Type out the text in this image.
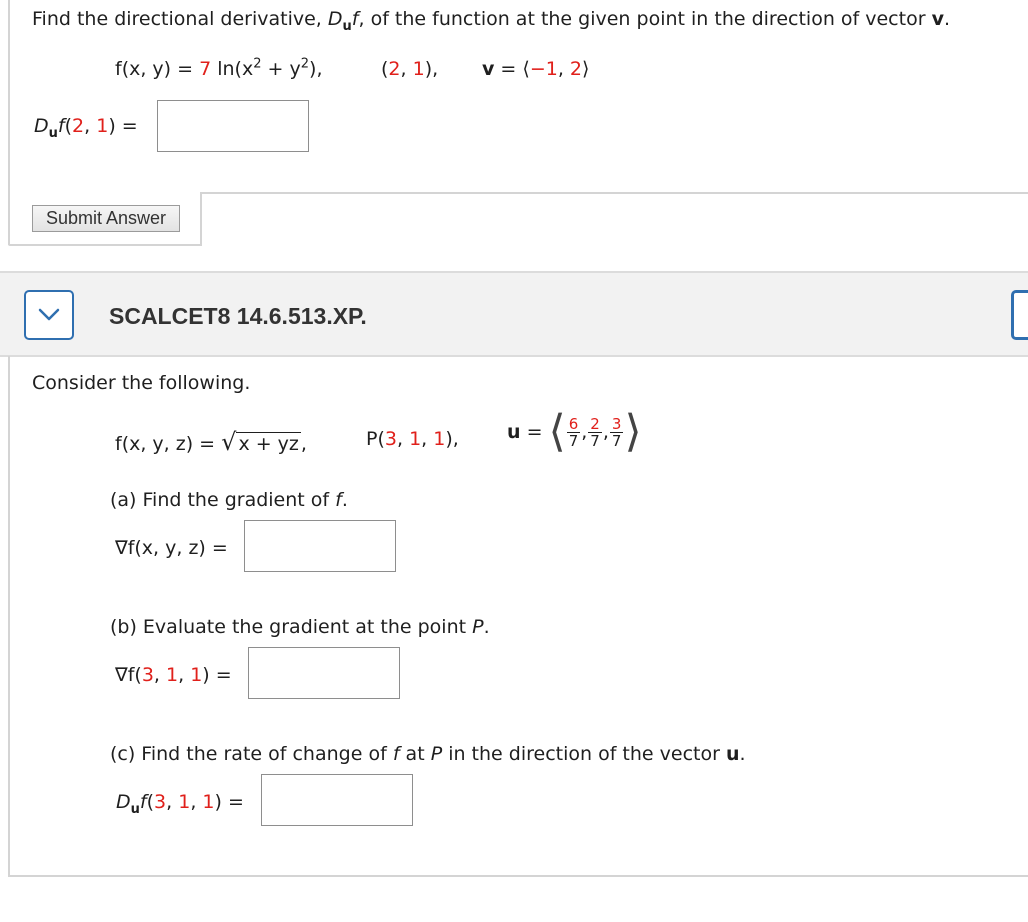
Find the directional derivative, $D_uf$, of the function at the given point in the direction of vector v.
f(x, y) = 7 $\ln(x^2 + y^2)$,	(2, 1), v = ⟨−1, 2⟩
$D_uf(2$, 1) =
Submit Answer
SCALCET8 14.6.513.XP.
Consider the following.
f(x, y, z) = √ x + yz ,	P(3, 1, 1),	u = ⟨ $\frac{6}{7}$ , $\frac{2}{7}$ , $\frac{3}{7}$ ⟩
(a) Find the gradient of f.
∇f(x, y, z) =
(b) Evaluate the gradient at the point P.
∇f(3, 1, 1) =
(c) Find the rate of change of f at P in the direction of the vector u.
$D_uf(3$, 1, 1) =
